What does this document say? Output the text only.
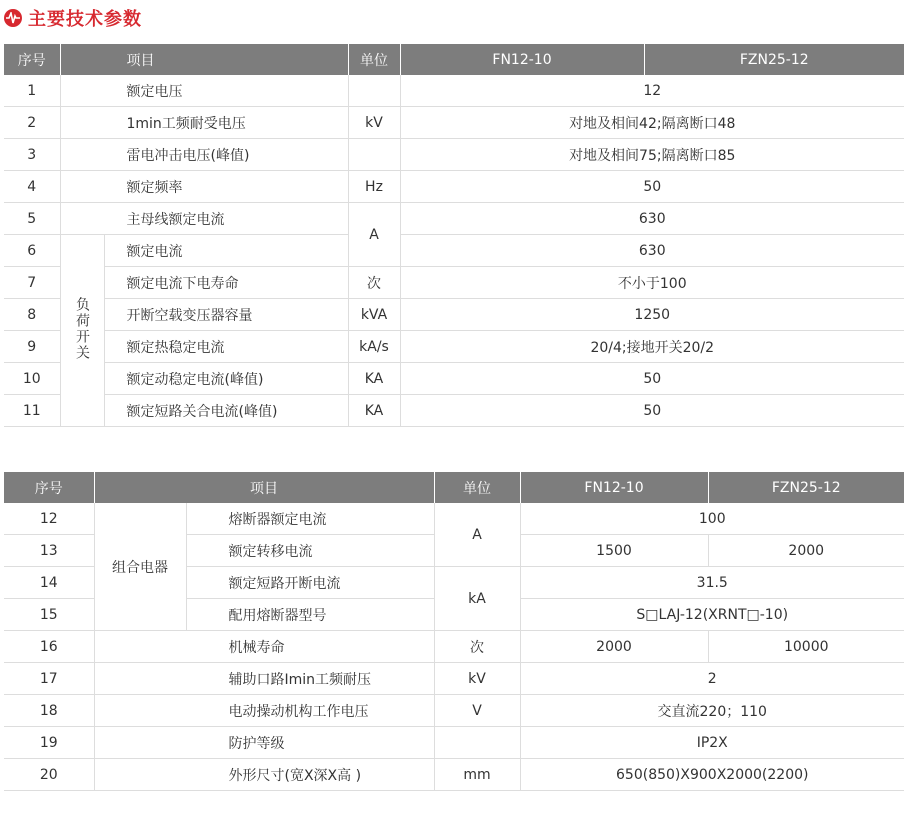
主要技术参数
序号	项目		单位	FN12-10	FZN25-12
1	额定电压			12	
2	1min工频耐受电压		kV	对地及相间42;隔离断口48	
3	雷电冲击电压(峰值)			对地及相间75;隔离断口85	
4	额定频率		Hz	50	
5	主母线额定电流		A	630	
6	负荷开关	额定电流		630	
7		额定电流下电寿命	次	不小于100	
8		开断空载变压器容量	kVA	1250	
9		额定热稳定电流	kA/s	20/4;接地开关20/2	
10		额定动稳定电流(峰值)	KA	50	
11		额定短路关合电流(峰值)	KA	50	
序号	项目		单位	FN12-10	FZN25-12
12	组合电器	熔断器额定电流	A	100	
13		额定转移电流		1500	2000
14		额定短路开断电流	kA	31.5	
15		配用熔断器型号		S□LAJ-12(XRNT□-10)	
16	机械寿命		次	2000	10000
17	辅助口路Imin工频耐压		kV	2	
18	电动操动机构工作电压		V	交直流220；110	
19	防护等级			IP2X	
20	外形尺寸(宽X深X高 )		mm	650(850)X900X2000(2200)	
